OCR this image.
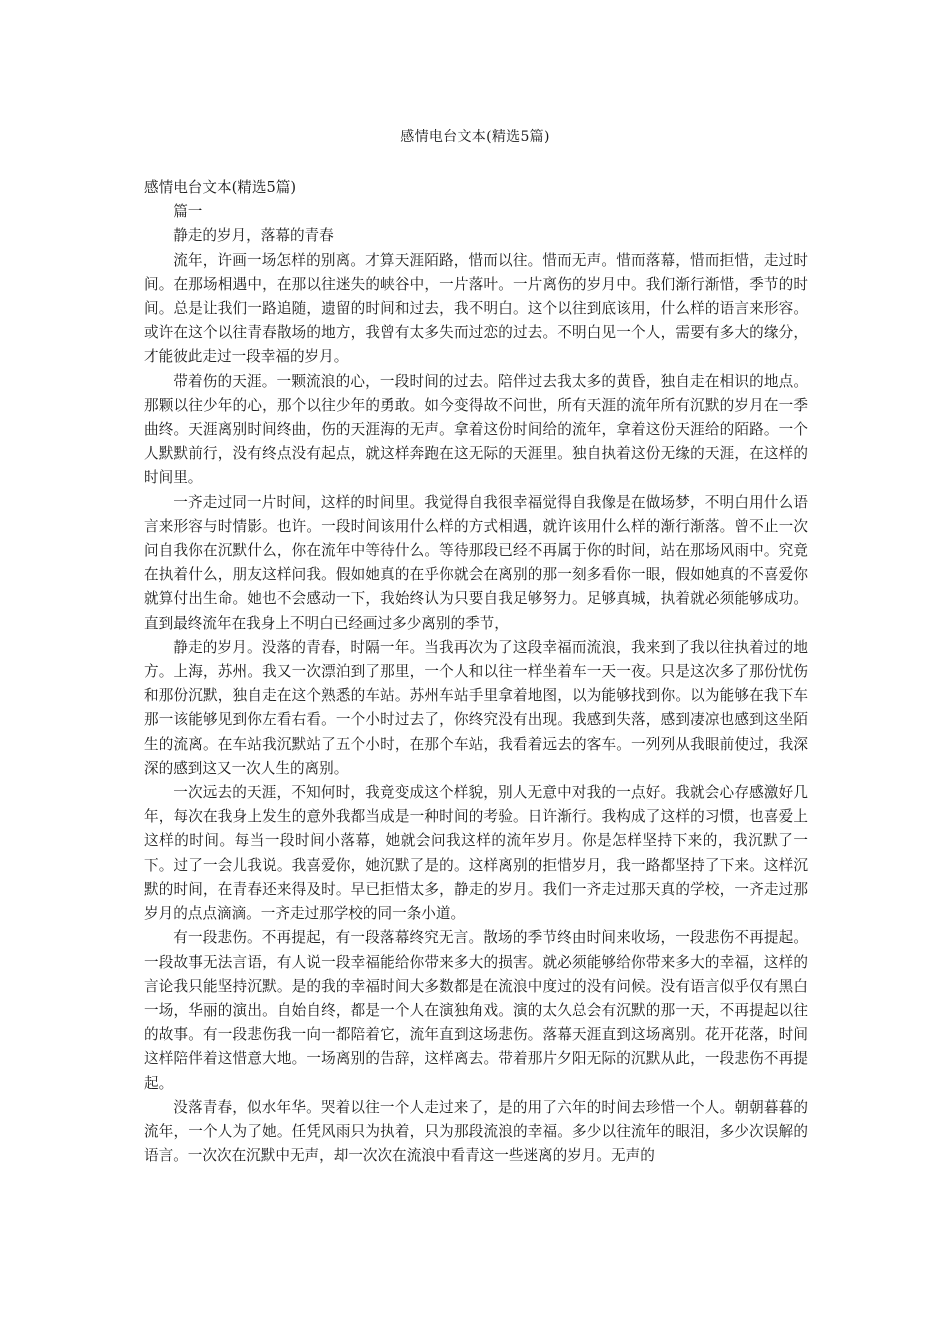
感情电台文本(精选5篇)

感情电台文本(精选5篇)

篇一

静走的岁月，落幕的青春

流年，许画一场怎样的别离。才算天涯陌路，惜而以往。惜而无声。惜而落幕，惜而拒惜，走过时间。在那场相遇中，在那以往迷失的峡谷中，一片落叶。一片离伤的岁月中。我们渐行渐惜，季节的时间。总是让我们一路追随，遗留的时间和过去，我不明白。这个以往到底该用，什么样的语言来形容。或许在这个以往青春散场的地方，我曾有太多失而过恋的过去。不明白见一个人，需要有多大的缘分，才能彼此走过一段幸福的岁月。

带着伤的天涯。一颗流浪的心，一段时间的过去。陪伴过去我太多的黄昏，独自走在相识的地点。那颗以往少年的心，那个以往少年的勇敢。如今变得故不问世，所有天涯的流年所有沉默的岁月在一季曲终。天涯离别时间终曲，伤的天涯海的无声。拿着这份时间给的流年，拿着这份天涯给的陌路。一个人默默前行，没有终点没有起点，就这样奔跑在这无际的天涯里。独自执着这份无缘的天涯，在这样的时间里。

一齐走过同一片时间，这样的时间里。我觉得自我很幸福觉得自我像是在做场梦，不明白用什么语言来形容与时情影。也许。一段时间该用什么样的方式相遇，就许该用什么样的渐行渐落。曾不止一次问自我你在沉默什么，你在流年中等待什么。等待那段已经不再属于你的时间，站在那场风雨中。究竟在执着什么，朋友这样问我。假如她真的在乎你就会在离别的那一刻多看你一眼，假如她真的不喜爱你就算付出生命。她也不会感动一下，我始终认为只要自我足够努力。足够真城，执着就必须能够成功。直到最终流年在我身上不明白已经画过多少离别的季节，

静走的岁月。没落的青春，时隔一年。当我再次为了这段幸福而流浪，我来到了我以往执着过的地方。上海，苏州。我又一次漂泊到了那里，一个人和以往一样坐着车一天一夜。只是这次多了那份忧伤和那份沉默，独自走在这个熟悉的车站。苏州车站手里拿着地图，以为能够找到你。以为能够在我下车那一该能够见到你左看右看。一个小时过去了，你终究没有出现。我感到失落，感到凄凉也感到这坐陌生的流离。在车站我沉默站了五个小时，在那个车站，我看着远去的客车。一列列从我眼前使过，我深深的感到这又一次人生的离别。

一次远去的天涯，不知何时，我竟变成这个样貌，别人无意中对我的一点好。我就会心存感激好几年，每次在我身上发生的意外我都当成是一种时间的考验。日许渐行。我构成了这样的习惯，也喜爱上这样的时间。每当一段时间小落幕，她就会问我这样的流年岁月。你是怎样坚持下来的，我沉默了一下。过了一会儿我说。我喜爱你，她沉默了是的。这样离别的拒惜岁月，我一路都坚持了下来。这样沉默的时间，在青春还来得及时。早已拒惜太多，静走的岁月。我们一齐走过那天真的学校，一齐走过那岁月的点点滴滴。一齐走过那学校的同一条小道。

有一段悲伤。不再提起，有一段落幕终究无言。散场的季节终由时间来收场，一段悲伤不再提起。一段故事无法言语，有人说一段幸福能给你带来多大的损害。就必须能够给你带来多大的幸福，这样的言论我只能坚持沉默。是的我的幸福时间大多数都是在流浪中度过的没有问候。没有语言似乎仅有黑白一场，华丽的演出。自始自终，都是一个人在演独角戏。演的太久总会有沉默的那一天，不再提起以往的故事。有一段悲伤我一向一都陪着它，流年直到这场悲伤。落幕天涯直到这场离别。花开花落，时间这样陪伴着这惜意大地。一场离别的告辞，这样离去。带着那片夕阳无际的沉默从此，一段悲伤不再提起。

没落青春，似水年华。哭着以往一个人走过来了，是的用了六年的时间去珍惜一个人。朝朝暮暮的流年，一个人为了她。任凭风雨只为执着，只为那段流浪的幸福。多少以往流年的眼泪，多少次误解的语言。一次次在沉默中无声，却一次次在流浪中看青这一些迷离的岁月。无声的
